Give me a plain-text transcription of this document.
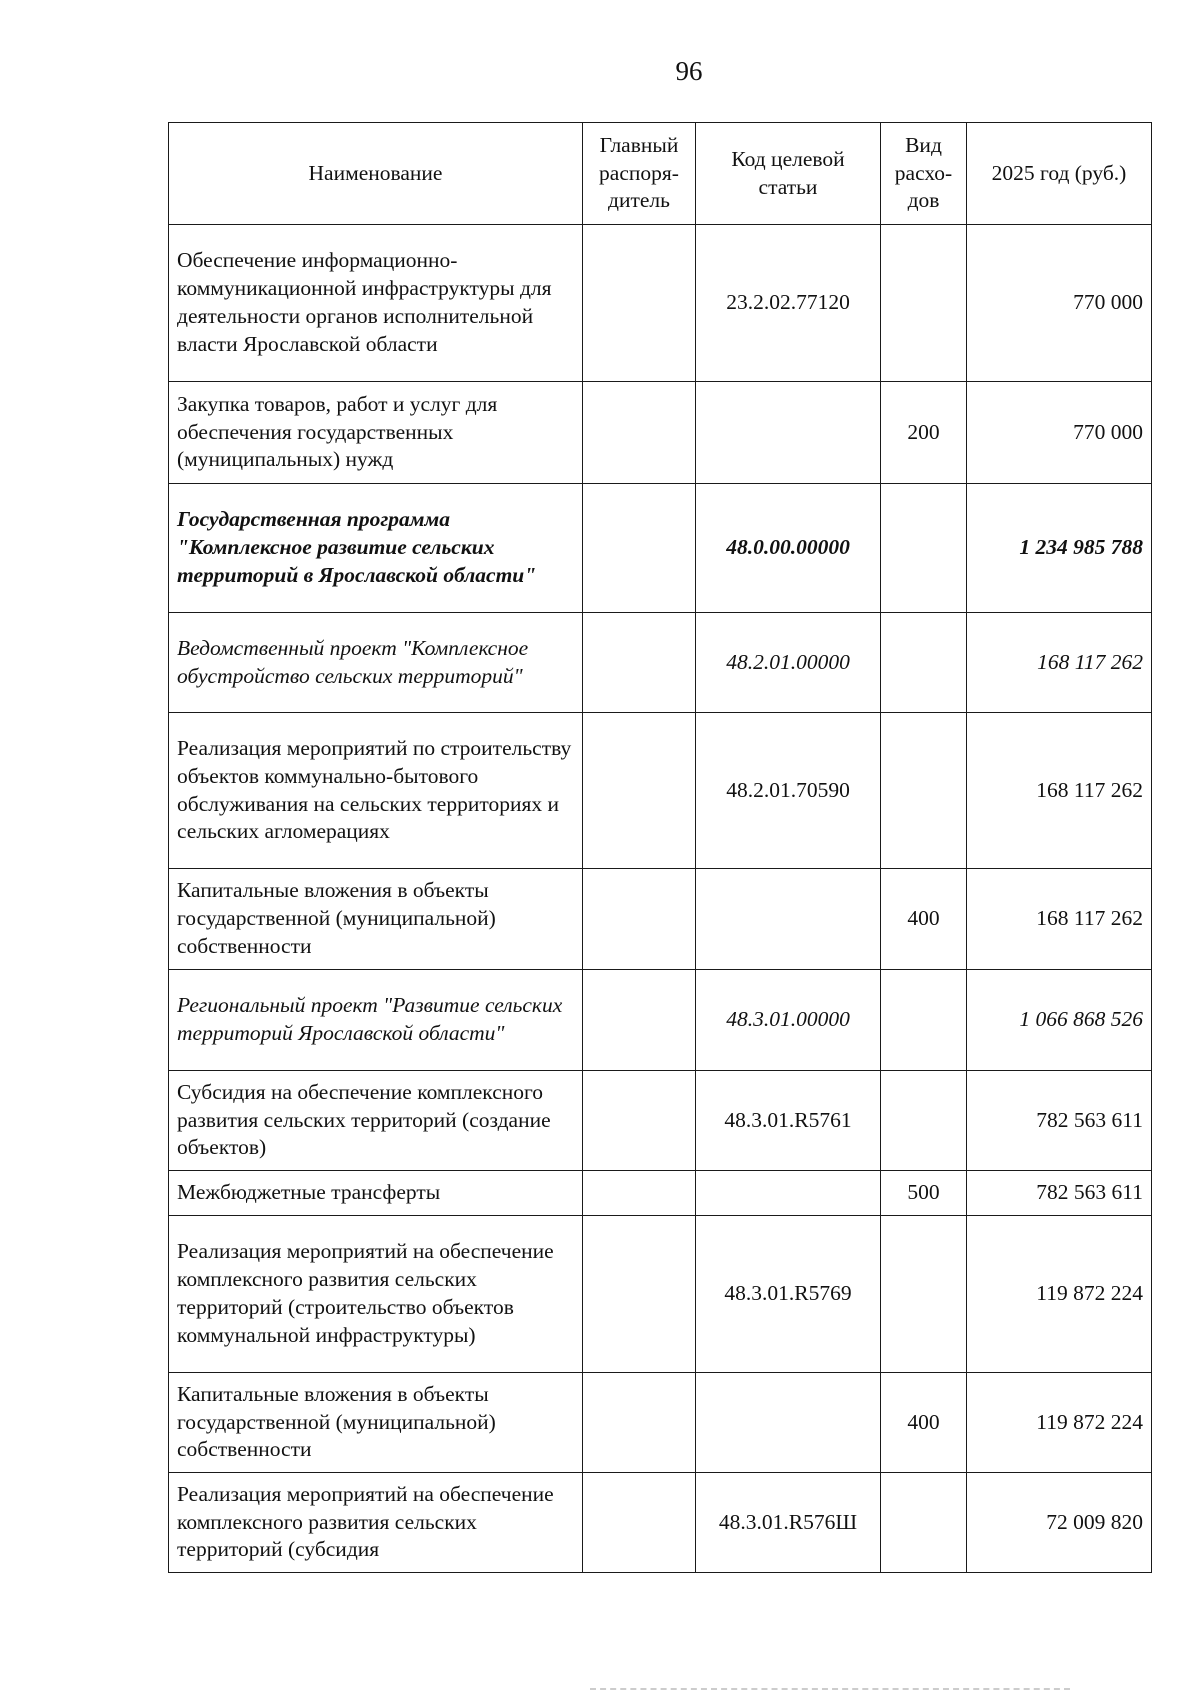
96
Наименование	Главный распоря-дитель	Код целевой статьи	Вид расхо-дов	2025 год (руб.)
Обеспечение информационно-коммуникационной инфраструктуры для деятельности органов исполнительной власти Ярославской области		23.2.02.77120		770 000
Закупка товаров, работ и услуг для обеспечения государственных (муниципальных) нужд			200	770 000
Государственная программа "Комплексное развитие сельских территорий в Ярославской области"		48.0.00.00000		1 234 985 788
Ведомственный проект "Комплексное обустройство сельских территорий"		48.2.01.00000		168 117 262
Реализация мероприятий по строительству объектов коммунально-бытового обслуживания на сельских территориях и сельских агломерациях		48.2.01.70590		168 117 262
Капитальные вложения в объекты государственной (муниципальной) собственности			400	168 117 262
Региональный проект "Развитие сельских территорий Ярославской области"		48.3.01.00000		1 066 868 526
Субсидия на обеспечение комплексного развития сельских территорий (создание объектов)		48.3.01.R5761		782 563 611
Межбюджетные трансферты			500	782 563 611
Реализация мероприятий на обеспечение комплексного развития сельских территорий (строительство объектов коммунальной инфраструктуры)		48.3.01.R5769		119 872 224
Капитальные вложения в объекты государственной (муниципальной) собственности			400	119 872 224
Реализация мероприятий на обеспечение комплексного развития сельских территорий (субсидия		48.3.01.R576Ш		72 009 820
